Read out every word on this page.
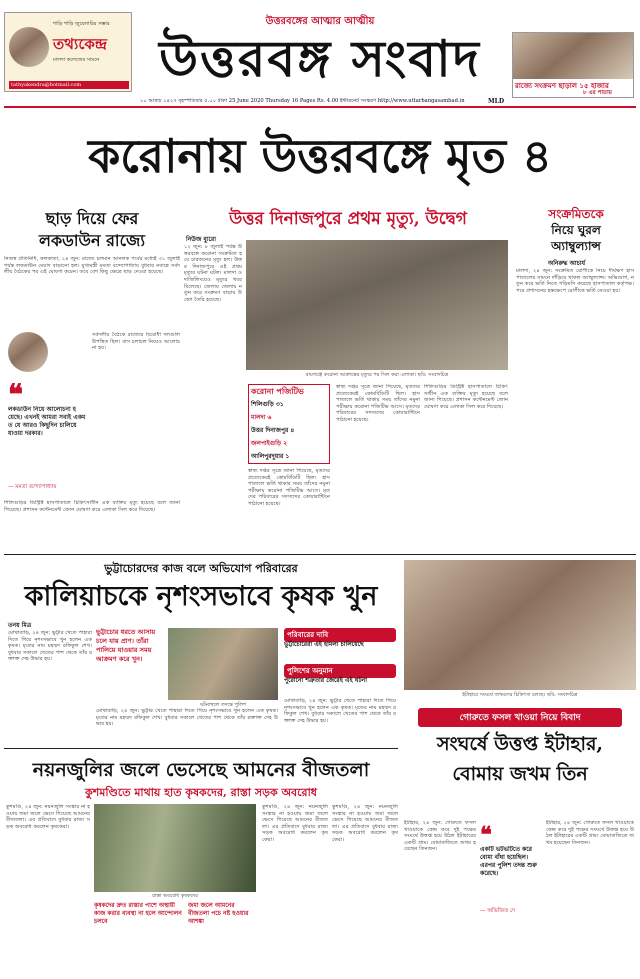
শাড়ি শাড়ি জুয়েলারির সম্ভার
তথ্যকেন্দ্র
মালদা কলেজের সামনে
tathyakendra@hotmail.com
উত্তরবঙ্গের আত্মার আত্মীয়
উত্তরবঙ্গ সংবাদ	রাজ্যে সংক্রমণ ছাড়াল ১৫ হাজার
৮ এর পাতায়
১০ আষাঢ় ১৪২৭ বৃহস্পতিবার ৫.০০ টাকা 25 June 2020 Thursday 16 Pages Rs. 4.00 ইন্টারনেট সংস্করণ http://www.uttarbangasambad.in	MLD
করোনায় উত্তরবঙ্গে মৃত ৪
ছাড় দিয়ে ফের
লকডাউন রাজ্যে
নিজস্ব প্রতিনিধি, কলকাতা, ২৪ জুন: রাজ্যে চলমান আনলক পর্বের মধ্যেই ৩১ জুলাই পর্যন্ত লকডাউন মেয়াদ বাড়ানো হল। মুখ্যমন্ত্রী মমতা বন্দ্যোপাধ্যায় বুধবার নবান্নে সর্বদলীয় বৈঠকের পর এই ঘোষণা করেন। তবে বেশ কিছু ক্ষেত্রে ছাড় দেওয়া হয়েছে।
❝
লকডাউন নিয়ে আলোচনা হয়েছে। এখনই আমরা সবাই একমত যে আরও কিছুদিন চালিয়ে যাওয়া দরকার।
— মমতা বন্দ্যোপাধ্যায়
সর্বদলীয় বৈঠকে রাজ্যের বিরোধী দলগুলি উপস্থিত ছিল। বাস চলাচল নিয়েও আলোচনা হয়।
শিলিগুড়ির ডিস্ট্রিক্ট হাসপাতালে চিকিৎসাধীন এক ব্যক্তির মৃত্যু হয়েছে বলে জানা গিয়েছে। প্রশাসন কন্টেনমেন্ট জোন ঘোষণা করে এলাকা সিল করে দিয়েছে।
উত্তর দিনাজপুরে প্রথম মৃত্যু, উদ্বেগ
নিউজ ব্যুরো
১২ জুন: ৮ জুলাই পর্যন্ত উত্তরবঙ্গে করোনা সংক্রমিত হয়ে চারজনের মৃত্যু হল। উত্তর দিনাজপুরে এই প্রথম মৃত্যুর ঘটনা ঘটল। মালদা ও দার্জিলিংয়েও মৃত্যুর খবর মিলেছে। জেলায় জেলায় নতুন করে সংক্রমণ বাড়ায় উদ্বেগ তৈরি হয়েছে।
রায়গঞ্জে করোনা আক্রান্তের মৃত্যুর পর সিল করা এলাকা। ছবি: সংবাদচিত্র
করোনা পজিটিভ
শিলিগুড়ি ৩১
মালদা ৬
উত্তর দিনাজপুর ৪
জলপাইগুড়ি ২
আলিপুরদুয়ার ১
স্বাস্থ্য দপ্তর সূত্রে জানা গিয়েছে, মৃতদের প্রত্যেকেরই কোমর্বিডিটি ছিল। হাসপাতালে ভর্তি থাকার সময় তাঁদের নমুনা পরীক্ষায় করোনা পজিটিভ আসে। মৃতদের পরিবারের সদস্যদের কোয়ারান্টিনে পাঠানো হয়েছে।
শিলিগুড়ির ডিস্ট্রিক্ট হাসপাতালে চিকিৎসাধীন এক ব্যক্তির মৃত্যু হয়েছে বলে জানা গিয়েছে। প্রশাসন কন্টেনমেন্ট জোন ঘোষণা করে এলাকা সিল করে দিয়েছে।
স্বাস্থ্য দপ্তর সূত্রে জানা গিয়েছে, মৃতদের প্রত্যেকেরই কোমর্বিডিটি ছিল। হাসপাতালে ভর্তি থাকার সময় তাঁদের নমুনা পরীক্ষায় করোনা পজিটিভ আসে। মৃতদের পরিবারের সদস্যদের কোয়ারান্টিনে পাঠানো হয়েছে।
সংক্রমিতকে
নিয়ে ঘুরল
অ্যাম্বুল্যান্স
অনিরুদ্ধ আচার্য
মালদা, ২৪ জুন: সংক্রমিত রোগীকে নিয়ে দীর্ঘক্ষণ হাসপাতালের সামনে দাঁড়িয়ে থাকল অ্যাম্বুল্যান্স। অভিযোগ, নতুন করে ভর্তি নিতে গড়িমসি করেছে হাসপাতাল কর্তৃপক্ষ। পরে প্রশাসনের হস্তক্ষেপে রোগীকে ভর্তি নেওয়া হয়।
ভুট্টাচোরদের কাজ বলে অভিযোগ পরিবারের
কালিয়াচকে নৃশংসভাবে কৃষক খুন
তনয় মিত্র
মোথাবাড়ি, ২৪ জুন: ভুট্টার খেতে পাহারা দিতে গিয়ে নৃশংসভাবে খুন হলেন এক কৃষক। মৃতের নাম মহম্মদ রফিকুল শেখ। বুধবার সকালে খেতের পাশ থেকে তাঁর রক্তাক্ত দেহ উদ্ধার হয়।
ভুট্টাচোর ধরতে আসায় চলে যায় প্রাণ। তাঁরা পালিয়ে যাওয়ার সময় আক্রমণ করে খুন।
ঘটনাস্থলে তদন্তে পুলিশ
মোথাবাড়ি, ২৪ জুন: ভুট্টার খেতে পাহারা দিতে গিয়ে নৃশংসভাবে খুন হলেন এক কৃষক। মৃতের নাম মহম্মদ রফিকুল শেখ। বুধবার সকালে খেতের পাশ থেকে তাঁর রক্তাক্ত দেহ উদ্ধার হয়।
পরিবারের দাবি
ভুট্টাচোরেরা এই হামলা চালিয়েছে
পুলিশের অনুমান
পুরোনো শত্রুতার জেরেই এই ঘটনা
মোথাবাড়ি, ২৪ জুন: ভুট্টার খেতে পাহারা দিতে গিয়ে নৃশংসভাবে খুন হলেন এক কৃষক। মৃতের নাম মহম্মদ রফিকুল শেখ। বুধবার সকালে খেতের পাশ থেকে তাঁর রক্তাক্ত দেহ উদ্ধার হয়।
ইটাহারে সংঘর্ষে জখমদের চিকিৎসা চলছে। ছবি: সংবাদচিত্র
গোরুতে ফসল খাওয়া নিয়ে বিবাদ
সংঘর্ষে উত্তপ্ত ইটাহার,
বোমায় জখম তিন
ইটাহার, ২৪ জুন: গোরুতে ফসল খাওয়াকে কেন্দ্র করে দুই পক্ষের সংঘর্ষে উত্তপ্ত হয়ে উঠল ইটাহারের একটি গ্রাম। বোমাবাজিতে জখম হয়েছেন তিনজন।
❝
একটি ভটভটিতে করে বোমা বাঁধা হয়েছিল। এরপর পুলিশ তদন্ত শুরু করেছে।
— অভিজিত দে
ইটাহার, ২৪ জুন: গোরুতে ফসল খাওয়াকে কেন্দ্র করে দুই পক্ষের সংঘর্ষে উত্তপ্ত হয়ে উঠল ইটাহারের একটি গ্রাম। বোমাবাজিতে জখম হয়েছেন তিনজন।
নয়নজুলির জলে ভেসেছে আমনের বীজতলা
কুশমণ্ডিতে মাথায় হাত কৃষকদের, রাস্তা সড়ক অবরোধ
কুশমণ্ডি, ২৪ জুন: নয়নজুলি সংস্কার না হওয়ায় জমা জলে ভেসে গিয়েছে আমনের বীজতলা। এর প্রতিবাদে বুধবার রাজ্য সড়ক অবরোধ করলেন কৃষকেরা।
রাস্তা অবরোধ কৃষকদের
কৃষকদের দ্রুত রাস্তার পাশে অস্থায়ী কাজ করার ব্যবস্থা না হলে আন্দোলন চলবে
জমা জলে আমনের বীজতলা পচে নষ্ট হওয়ার আশঙ্কা
কুশমণ্ডি, ২৪ জুন: নয়নজুলি সংস্কার না হওয়ায় জমা জলে ভেসে গিয়েছে আমনের বীজতলা। এর প্রতিবাদে বুধবার রাজ্য সড়ক অবরোধ করলেন কৃষকেরা।
কুশমণ্ডি, ২৪ জুন: নয়নজুলি সংস্কার না হওয়ায় জমা জলে ভেসে গিয়েছে আমনের বীজতলা। এর প্রতিবাদে বুধবার রাজ্য সড়ক অবরোধ করলেন কৃষকেরা।
